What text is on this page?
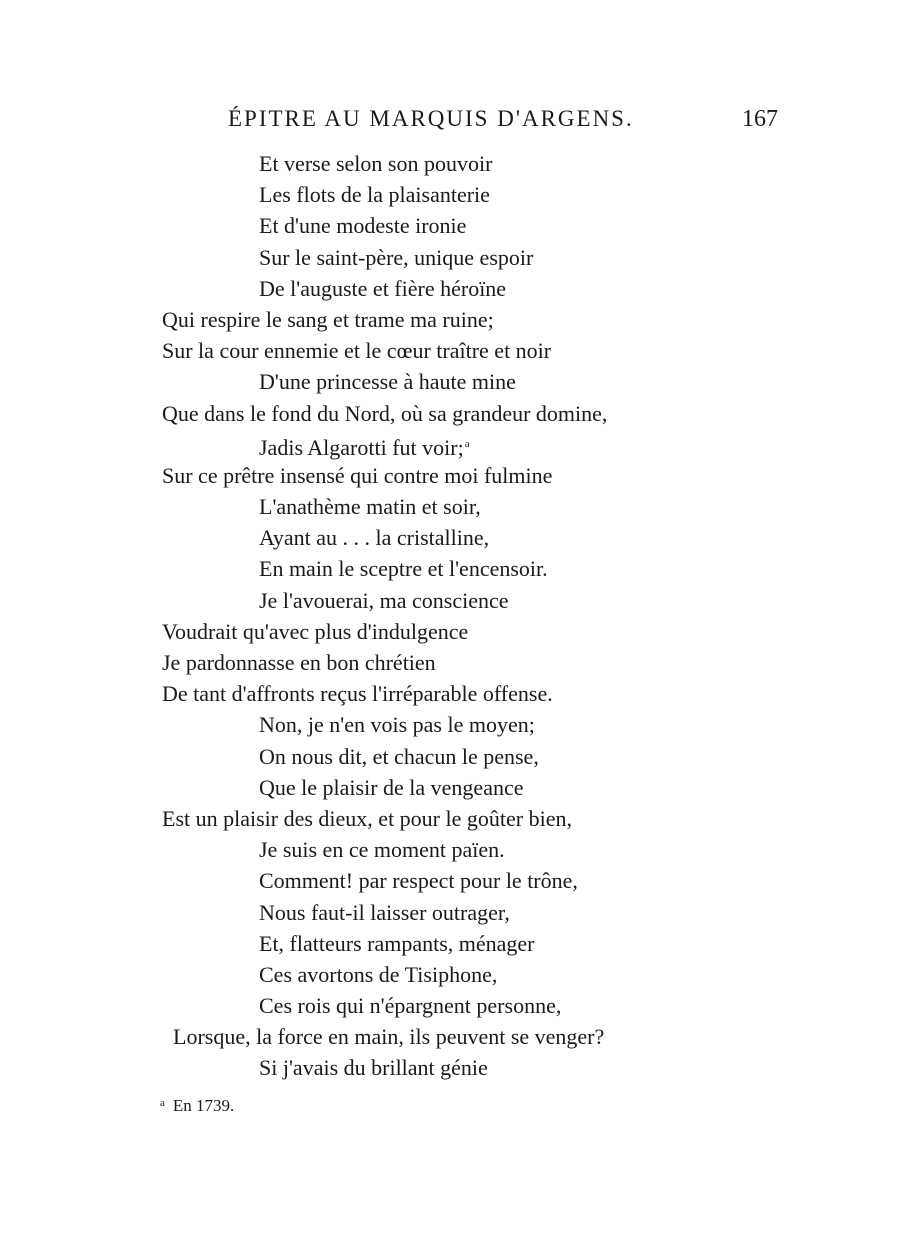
ÉPITRE AU MARQUIS D'ARGENS.	167
Et verse selon son pouvoir
Les flots de la plaisanterie
Et d'une modeste ironie
Sur le saint-père, unique espoir
De l'auguste et fière héroïne
Qui respire le sang et trame ma ruine;
Sur la cour ennemie et le cœur traître et noir
D'une princesse à haute mine
Que dans le fond du Nord, où sa grandeur domine,
Jadis Algarotti fut voir;$^a$
Sur ce prêtre insensé qui contre moi fulmine
L'anathème matin et soir,
Ayant au . . . la cristalline,
En main le sceptre et l'encensoir.
Je l'avouerai, ma conscience
Voudrait qu'avec plus d'indulgence
Je pardonnasse en bon chrétien
De tant d'affronts reçus l'irréparable offense.
Non, je n'en vois pas le moyen;
On nous dit, et chacun le pense,
Que le plaisir de la vengeance
Est un plaisir des dieux, et pour le goûter bien,
Je suis en ce moment païen.
Comment! par respect pour le trône,
Nous faut-il laisser outrager,
Et, flatteurs rampants, ménager
Ces avortons de Tisiphone,
Ces rois qui n'épargnent personne,
Lorsque, la force en main, ils peuvent se venger?
Si j'avais du brillant génie
$^a$ En 1739.
